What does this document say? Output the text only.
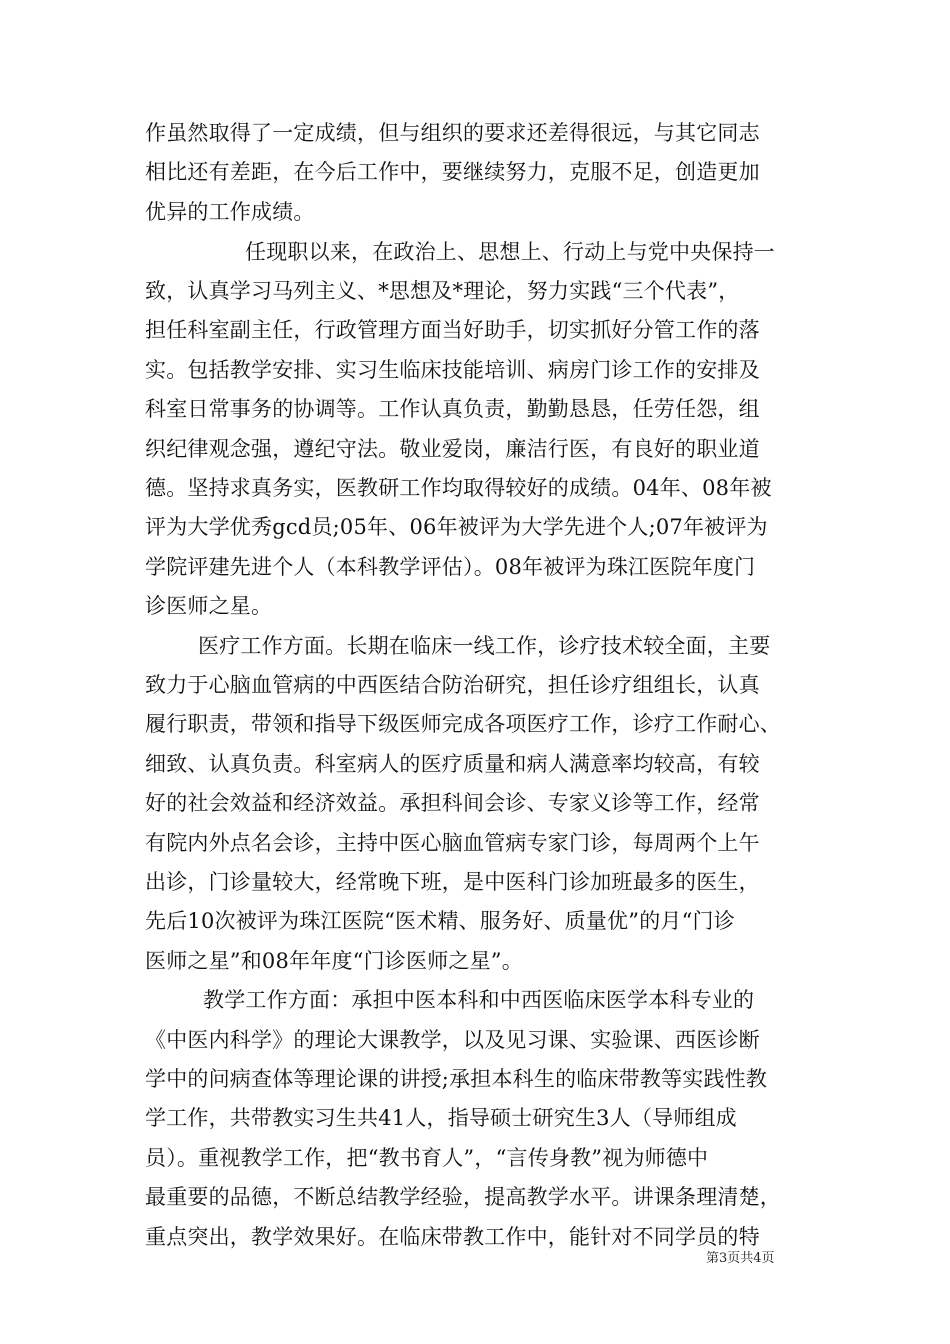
作虽然取得了一定成绩，但与组织的要求还差得很远，与其它同志
相比还有差距，在今后工作中，要继续努力，克服不足，创造更加
优异的工作成绩。
任现职以来，在政治上、思想上、行动上与党中央保持一
致，认真学习马列主义、*思想及*理论，努力实践“三个代表”，
担任科室副主任，行政管理方面当好助手，切实抓好分管工作的落
实。包括教学安排、实习生临床技能培训、病房门诊工作的安排及
科室日常事务的协调等。工作认真负责，勤勤恳恳，任劳任怨，组
织纪律观念强，遵纪守法。敬业爱岗，廉洁行医，有良好的职业道
德。坚持求真务实，医教研工作均取得较好的成绩。04年、08年被
评为大学优秀gcd员;05年、06年被评为大学先进个人;07年被评为
学院评建先进个人（本科教学评估）。08年被评为珠江医院年度门
诊医师之星。
医疗工作方面。长期在临床一线工作，诊疗技术较全面，主要
致力于心脑血管病的中西医结合防治研究，担任诊疗组组长，认真
履行职责，带领和指导下级医师完成各项医疗工作，诊疗工作耐心、
细致、认真负责。科室病人的医疗质量和病人满意率均较高，有较
好的社会效益和经济效益。承担科间会诊、专家义诊等工作，经常
有院内外点名会诊，主持中医心脑血管病专家门诊，每周两个上午
出诊，门诊量较大，经常晚下班，是中医科门诊加班最多的医生，
先后10次被评为珠江医院“医术精、服务好、质量优”的月“门诊
医师之星”和08年年度“门诊医师之星”。
教学工作方面：承担中医本科和中西医临床医学本科专业的
《中医内科学》的理论大课教学，以及见习课、实验课、西医诊断
学中的问病查体等理论课的讲授;承担本科生的临床带教等实践性教
学工作，共带教实习生共41人，指导硕士研究生3人（导师组成
员）。重视教学工作，把“教书育人”，“言传身教”视为师德中
最重要的品德，不断总结教学经验，提高教学水平。讲课条理清楚，
重点突出，教学效果好。在临床带教工作中，能针对不同学员的特
第3页共4页
